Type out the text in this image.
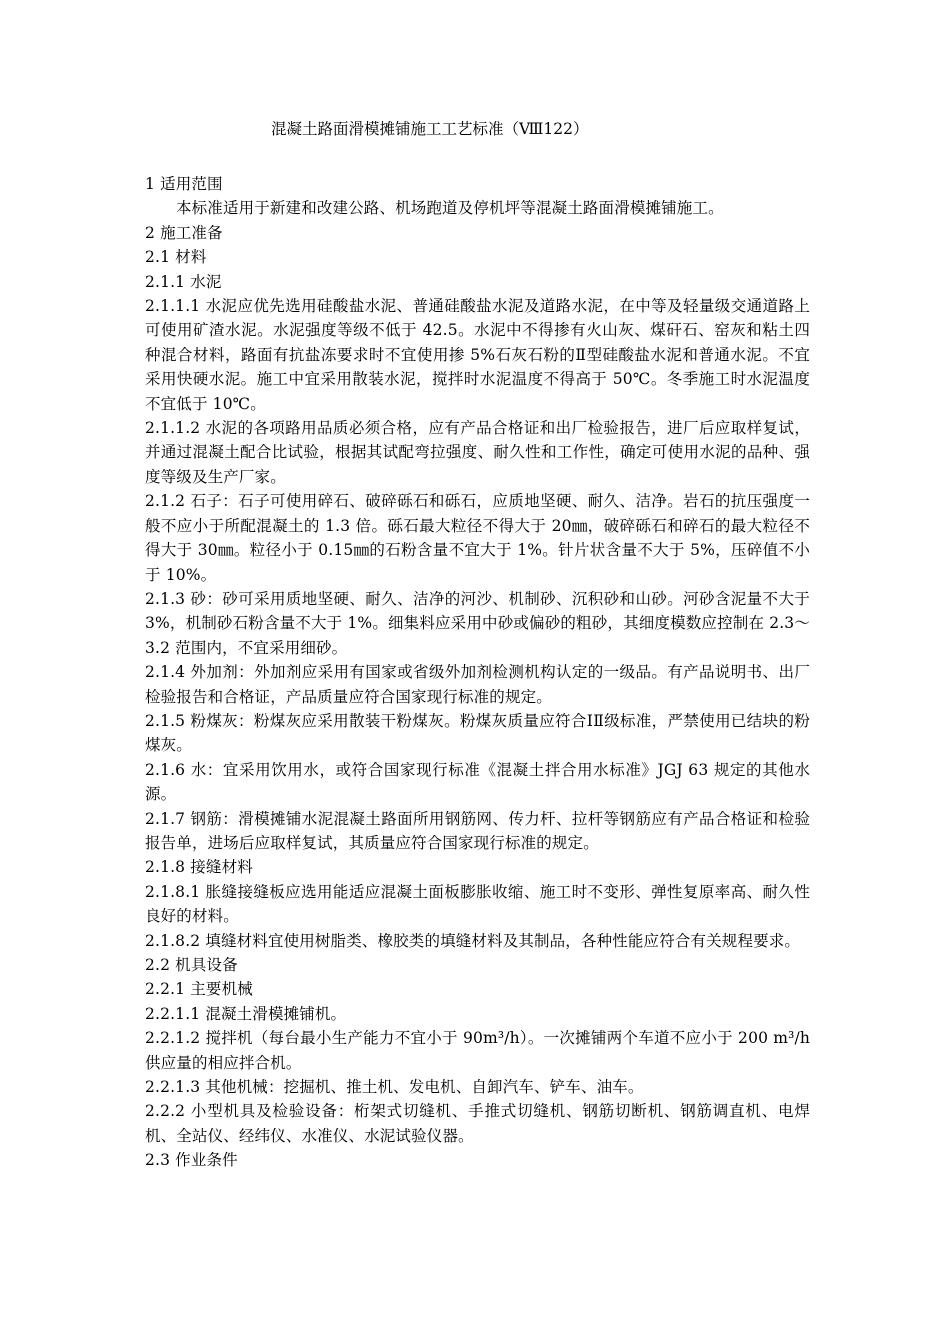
混凝土路面滑模摊铺施工工艺标准（Ⅷ122）

1 适用范围

本标准适用于新建和改建公路、机场跑道及停机坪等混凝土路面滑模摊铺施工。

2 施工准备

2.1 材料

2.1.1 水泥

2.1.1.1 水泥应优先选用硅酸盐水泥、普通硅酸盐水泥及道路水泥，在中等及轻量级交通道路上可使用矿渣水泥。水泥强度等级不低于 42.5。水泥中不得掺有火山灰、煤矸石、窑灰和粘土四种混合材料，路面有抗盐冻要求时不宜使用掺 5%石灰石粉的Ⅱ型硅酸盐水泥和普通水泥。不宜采用快硬水泥。施工中宜采用散装水泥，搅拌时水泥温度不得高于 50℃。冬季施工时水泥温度不宜低于 10℃。

2.1.1.2 水泥的各项路用品质必须合格，应有产品合格证和出厂检验报告，进厂后应取样复试，并通过混凝土配合比试验，根据其试配弯拉强度、耐久性和工作性，确定可使用水泥的品种、强度等级及生产厂家。

2.1.2 石子：石子可使用碎石、破碎砾石和砾石，应质地坚硬、耐久、洁净。岩石的抗压强度一般不应小于所配混凝土的 1.3 倍。砾石最大粒径不得大于 20㎜，破碎砾石和碎石的最大粒径不得大于 30㎜。粒径小于 0.15㎜的石粉含量不宜大于 1%。针片状含量不大于 5%，压碎值不小于 10%。

2.1.3 砂：砂可采用质地坚硬、耐久、洁净的河沙、机制砂、沉积砂和山砂。河砂含泥量不大于 3%，机制砂石粉含量不大于 1%。细集料应采用中砂或偏砂的粗砂，其细度模数应控制在 2.3～3.2 范围内，不宜采用细砂。

2.1.4 外加剂：外加剂应采用有国家或省级外加剂检测机构认定的一级品。有产品说明书、出厂检验报告和合格证，产品质量应符合国家现行标准的规定。

2.1.5 粉煤灰：粉煤灰应采用散装干粉煤灰。粉煤灰质量应符合ⅠⅡ级标准，严禁使用已结块的粉煤灰。

2.1.6 水：宜采用饮用水，或符合国家现行标准《混凝土拌合用水标准》JGJ 63 规定的其他水源。

2.1.7 钢筋：滑模摊铺水泥混凝土路面所用钢筋网、传力杆、拉杆等钢筋应有产品合格证和检验报告单，进场后应取样复试，其质量应符合国家现行标准的规定。

2.1.8 接缝材料

2.1.8.1 胀缝接缝板应选用能适应混凝土面板膨胀收缩、施工时不变形、弹性复原率高、耐久性良好的材料。

2.1.8.2 填缝材料宜使用树脂类、橡胶类的填缝材料及其制品，各种性能应符合有关规程要求。

2.2 机具设备

2.2.1 主要机械

2.2.1.1 混凝土滑模摊铺机。

2.2.1.2 搅拌机（每台最小生产能力不宜小于 90m³/h）。一次摊铺两个车道不应小于 200 m³/h 供应量的相应拌合机。

2.2.1.3 其他机械：挖掘机、推土机、发电机、自卸汽车、铲车、油车。

2.2.2 小型机具及检验设备：桁架式切缝机、手推式切缝机、钢筋切断机、钢筋调直机、电焊机、全站仪、经纬仪、水准仪、水泥试验仪器。

2.3 作业条件
